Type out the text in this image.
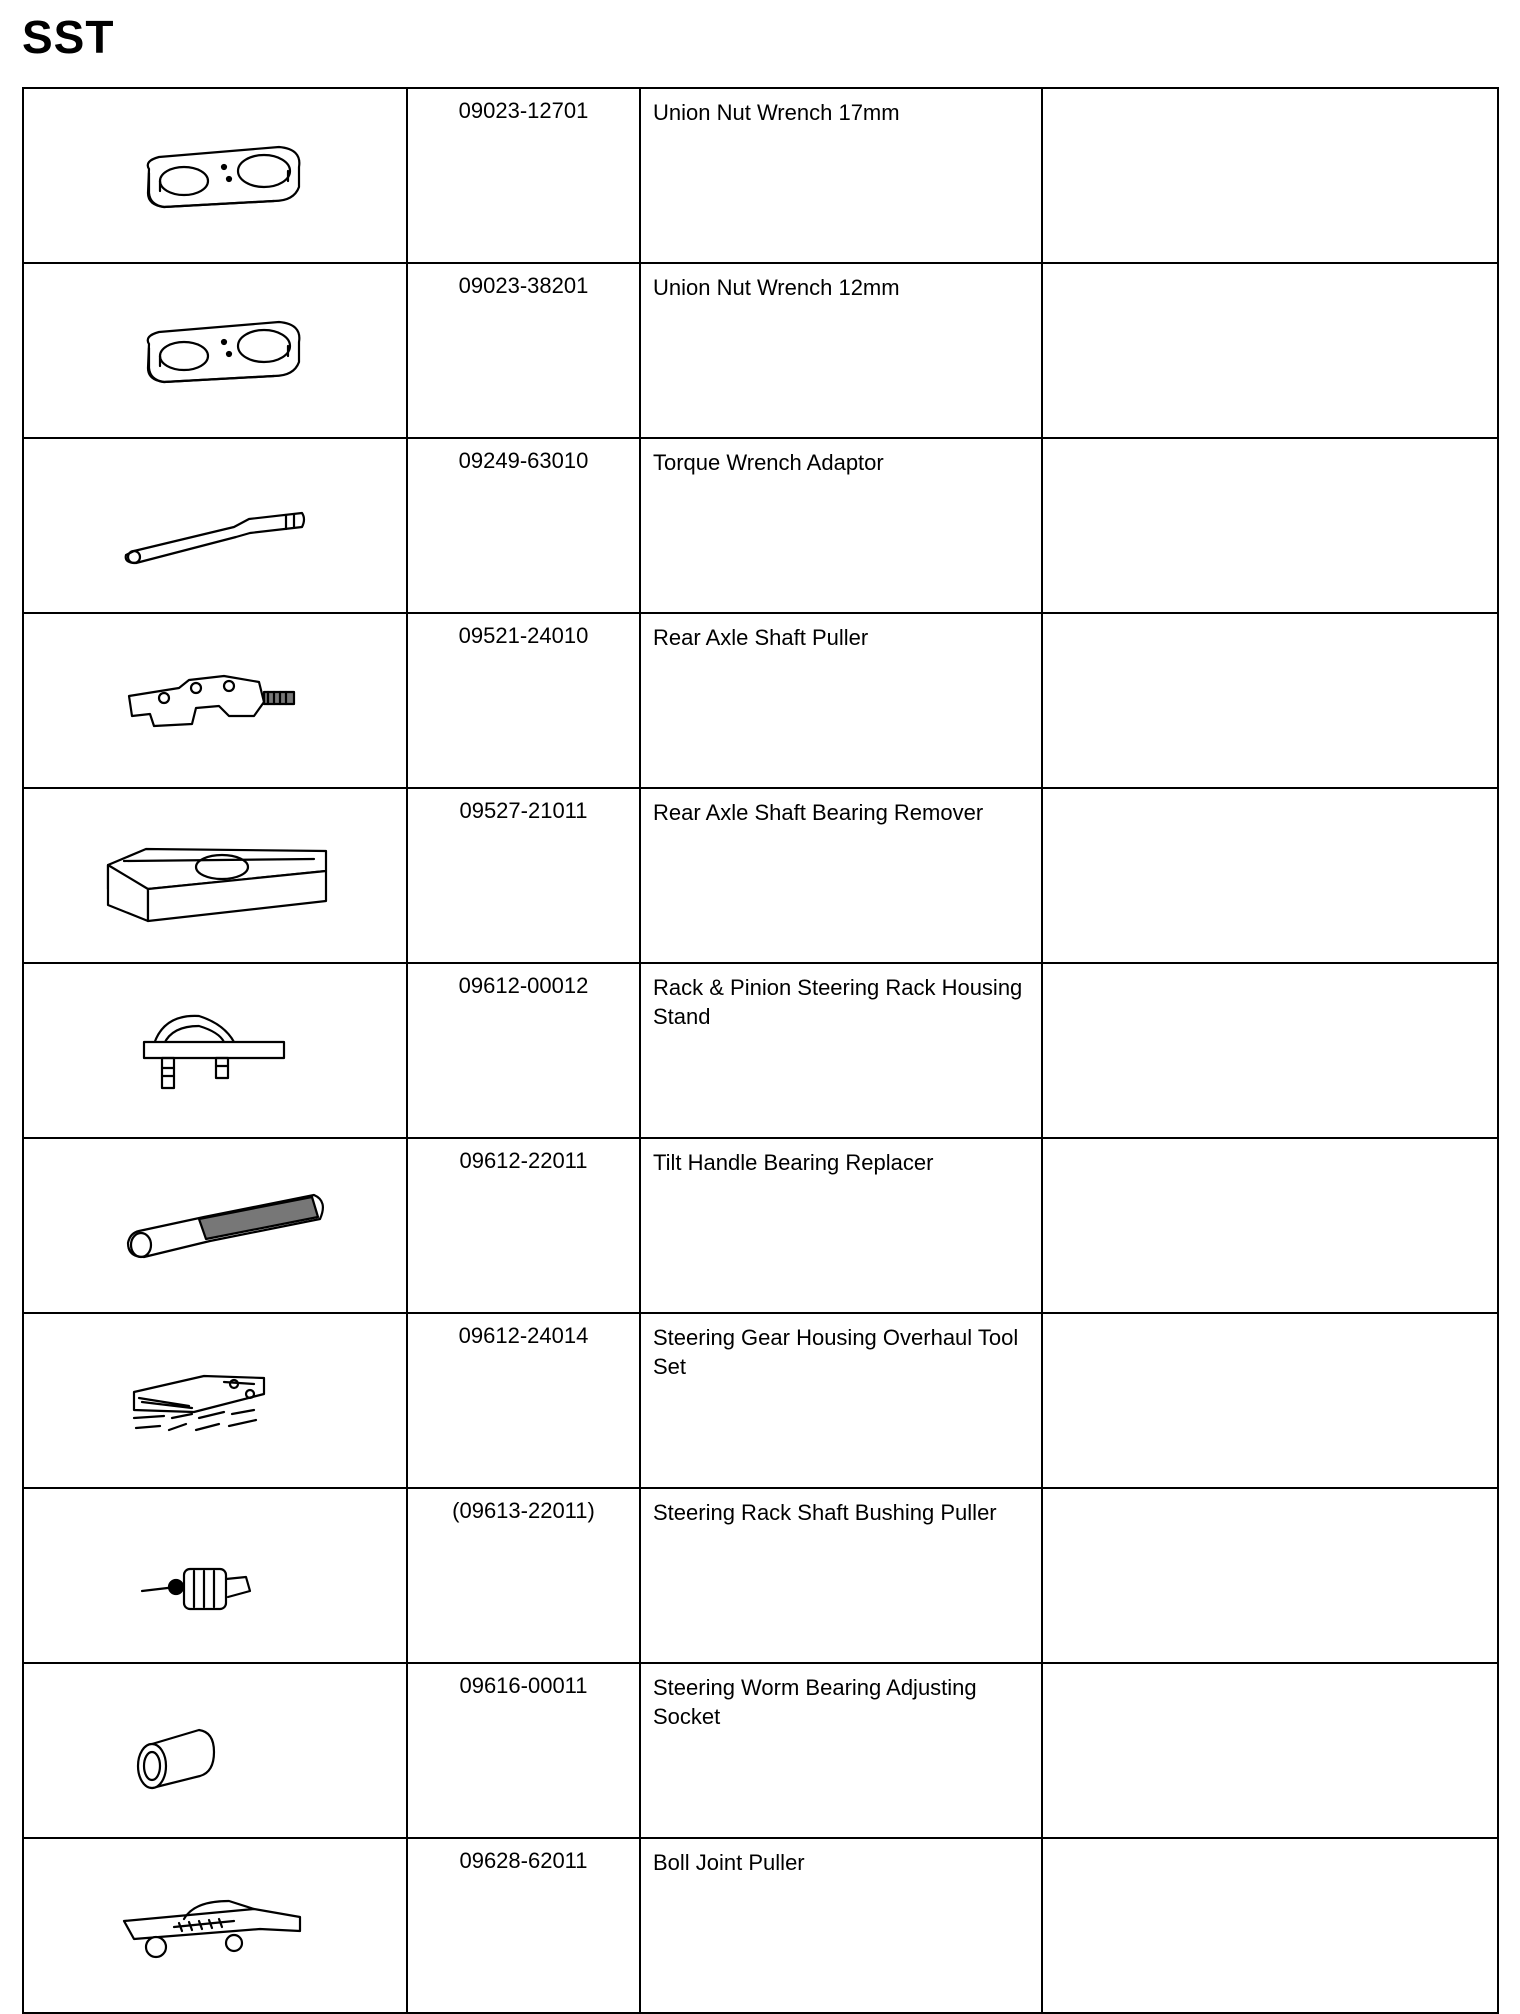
SST
	09023-12701	Union Nut Wrench 17mm	

	09023-38201	Union Nut Wrench 12mm	

	09249-63010	Torque Wrench Adaptor	

	09521-24010	Rear Axle Shaft Puller	

	09527-21011	Rear Axle Shaft Bearing Remover	

	09612-00012	Rack & Pinion Steering Rack Housing Stand	

	09612-22011	Tilt Handle Bearing Replacer	

	09612-24014	Steering Gear Housing Overhaul Tool Set	

	(09613-22011)	Steering Rack Shaft Bushing Puller	

	09616-00011	Steering Worm Bearing Adjusting Socket	

	09628-62011	Boll Joint Puller	
